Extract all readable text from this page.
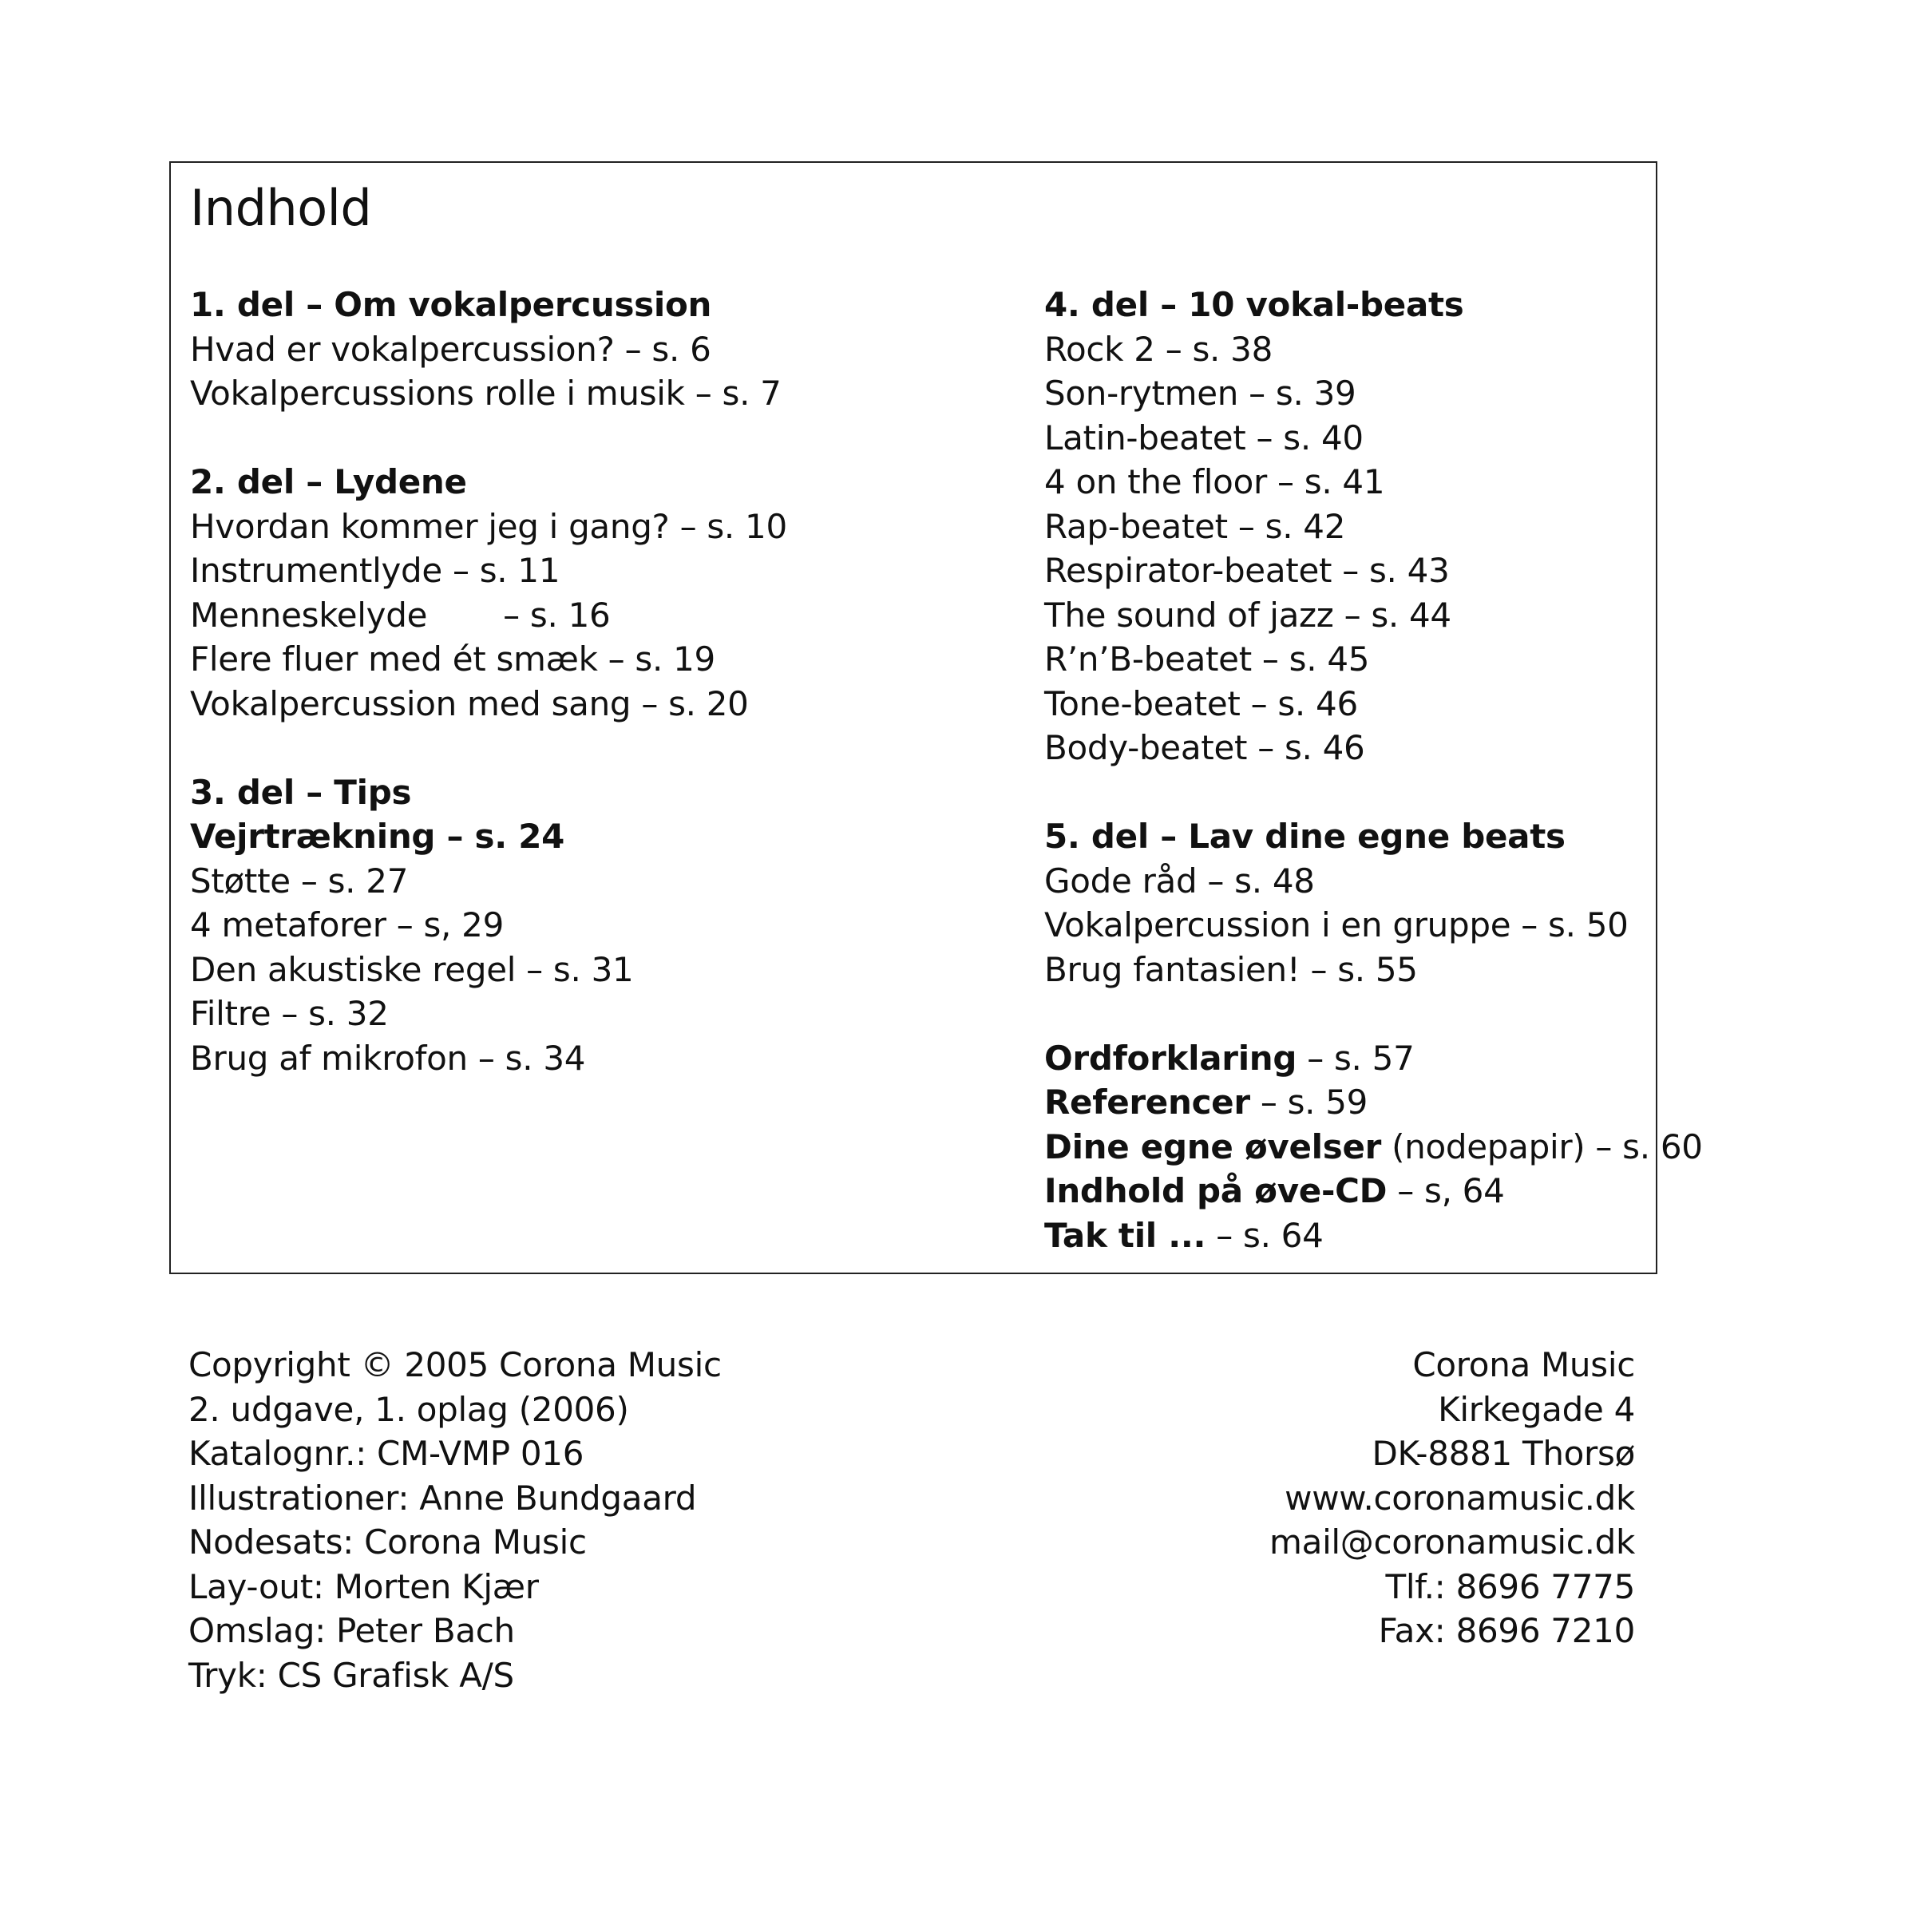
Indhold
1. del – Om vokalpercussion
Hvad er vokalpercussion? – s. 6
Vokalpercussions rolle i musik – s. 7
2. del – Lydene
Hvordan kommer jeg i gang? – s. 10
Instrumentlyde – s. 11
Menneskelyde – s. 16
Flere fluer med ét smæk – s. 19
Vokalpercussion med sang – s. 20
3. del – Tips
Vejrtrækning – s. 24
Støtte – s. 27
4 metaforer – s, 29
Den akustiske regel – s. 31
Filtre – s. 32
Brug af mikrofon – s. 34
4. del – 10 vokal-beats
Rock 2 – s. 38
Son-rytmen – s. 39
Latin-beatet – s. 40
4 on the floor – s. 41
Rap-beatet – s. 42
Respirator-beatet – s. 43
The sound of jazz – s. 44
R’n’B-beatet – s. 45
Tone-beatet – s. 46
Body-beatet – s. 46
5. del – Lav dine egne beats
Gode råd – s. 48
Vokalpercussion i en gruppe – s. 50
Brug fantasien! – s. 55
Ordforklaring – s. 57
Referencer – s. 59
Dine egne øvelser (nodepapir) – s. 60
Indhold på øve-CD – s, 64
Tak til ... – s. 64
Copyright © 2005 Corona Music
2. udgave, 1. oplag (2006)
Katalognr.: CM-VMP 016
Illustrationer: Anne Bundgaard
Nodesats: Corona Music
Lay-out: Morten Kjær
Omslag: Peter Bach
Tryk: CS Grafisk A/S
Corona Music
Kirkegade 4
DK-8881 Thorsø
www.coronamusic.dk
mail@coronamusic.dk
Tlf.: 8696 7775
Fax: 8696 7210
